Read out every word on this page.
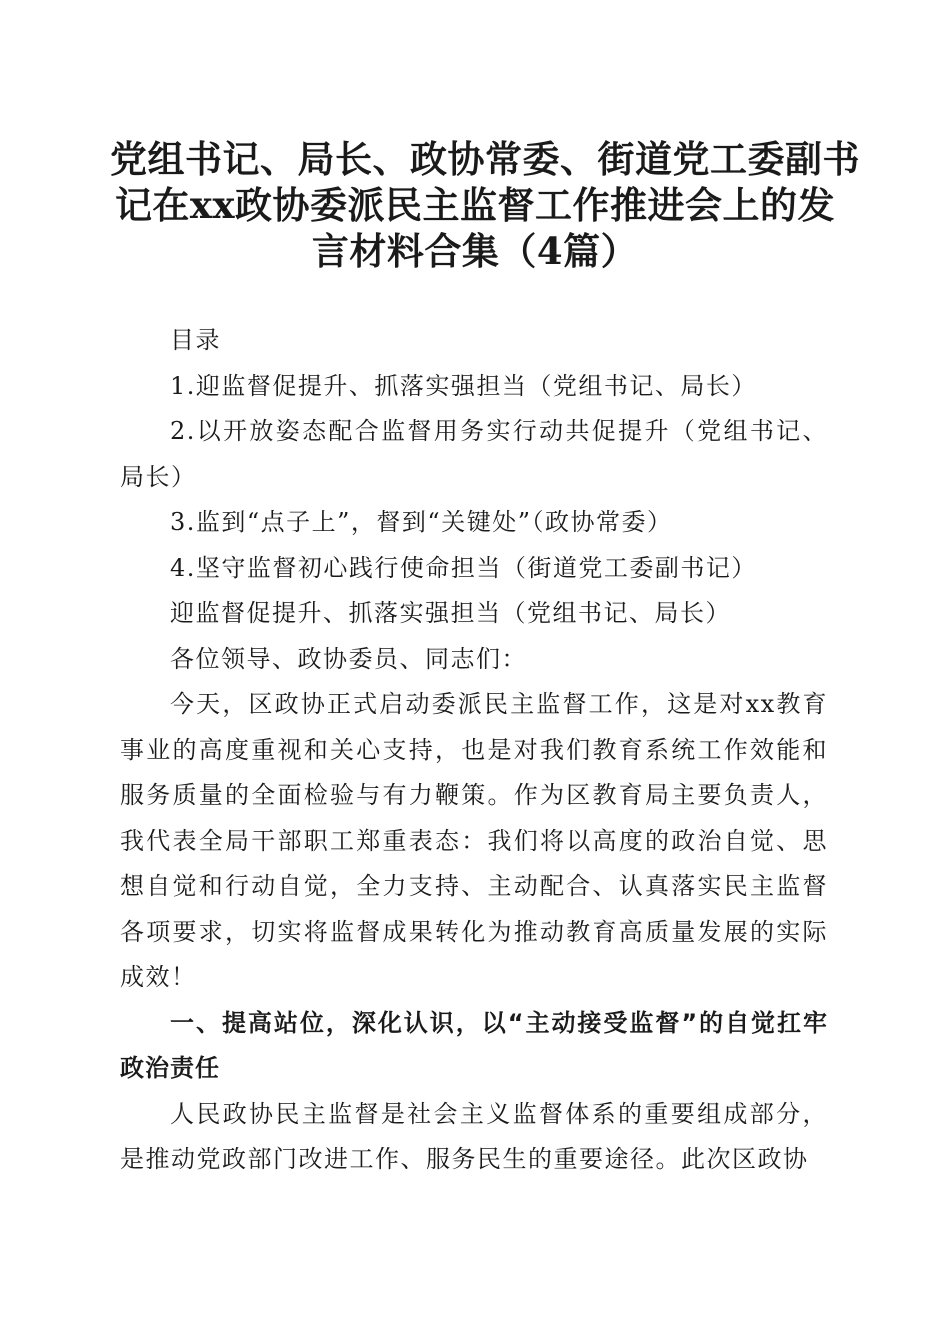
党组书记、局长、政协常委、街道党工委副书
记在xx政协委派民主监督工作推进会上的发
言材料合集（4篇）

目录

1.迎监督促提升、抓落实强担当（党组书记、局长）

2.以开放姿态配合监督用务实行动共促提升（党组书记、局长）

3.监到“点子上”，督到“关键处”（政协常委）

4.坚守监督初心践行使命担当（街道党工委副书记）

迎监督促提升、抓落实强担当（党组书记、局长）

各位领导、政协委员、同志们：

今天，区政协正式启动委派民主监督工作，这是对xx教育事业的高度重视和关心支持，也是对我们教育系统工作效能和服务质量的全面检验与有力鞭策。作为区教育局主要负责人，我代表全局干部职工郑重表态：我们将以高度的政治自觉、思想自觉和行动自觉，全力支持、主动配合、认真落实民主监督各项要求，切实将监督成果转化为推动教育高质量发展的实际成效！

一、提高站位，深化认识，以“主动接受监督”的自觉扛牢政治责任

人民政协民主监督是社会主义监督体系的重要组成部分，是推动党政部门改进工作、服务民生的重要途径。此次区政协
